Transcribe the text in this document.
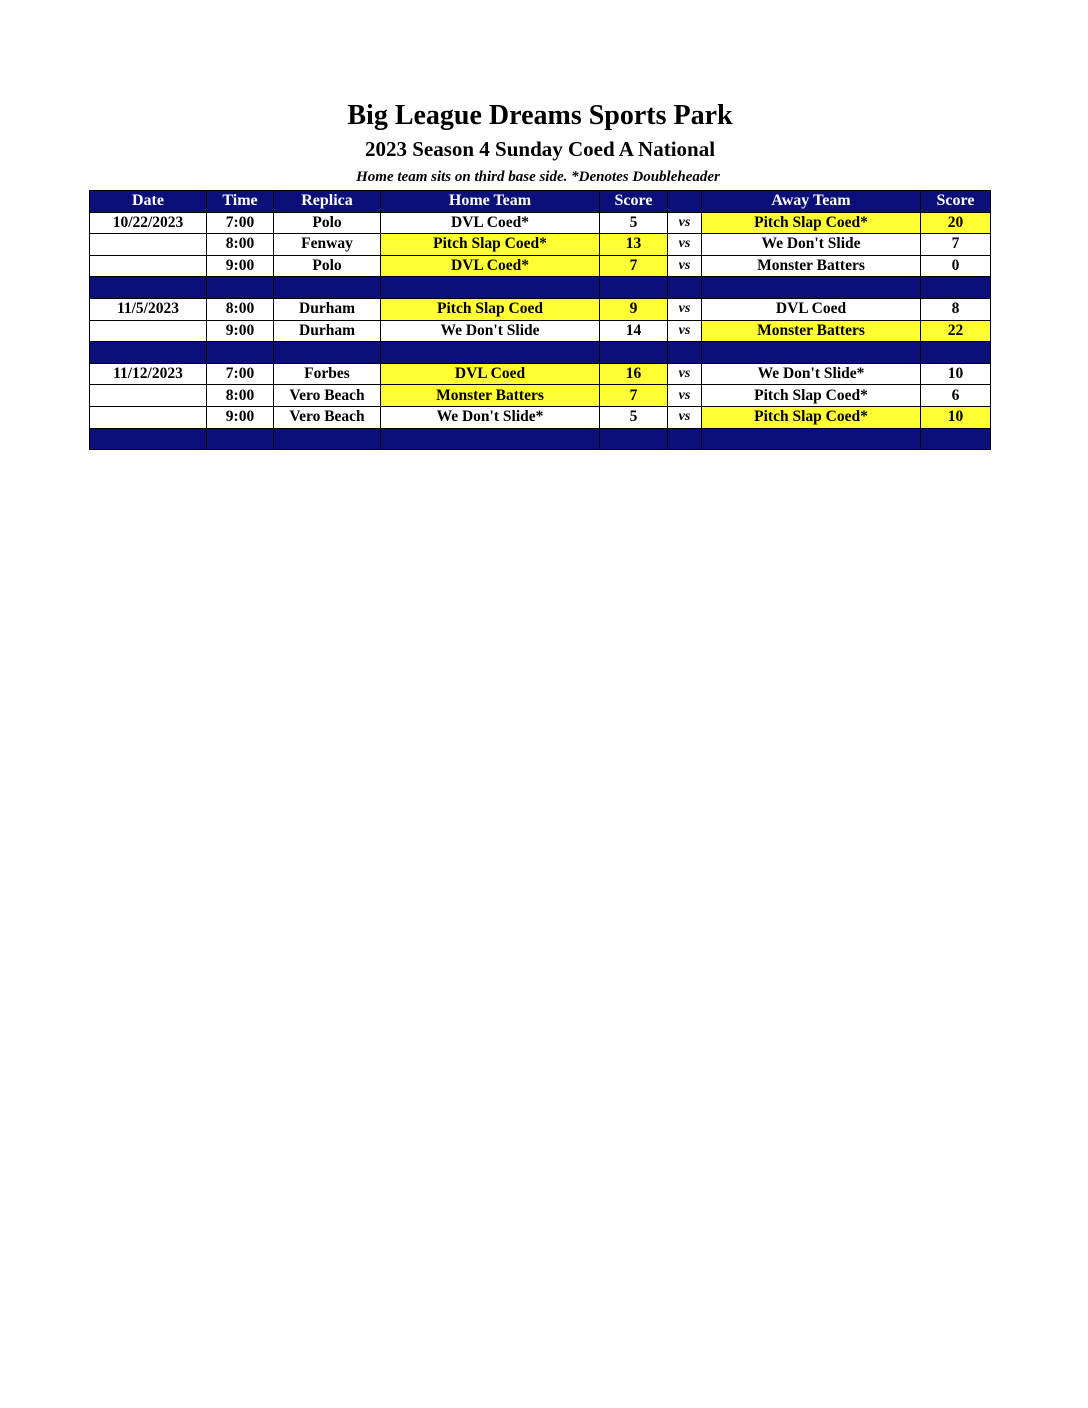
Big League Dreams Sports Park
2023 Season 4 Sunday Coed A National
Home team sits on third base side. *Denotes Doubleheader
Date	Time	Replica	Home Team	Score		Away Team	Score
10/22/2023	7:00	Polo	DVL Coed*	5	vs	Pitch Slap Coed*	20
	8:00	Fenway	Pitch Slap Coed*	13	vs	We Don't Slide	7
	9:00	Polo	DVL Coed*	7	vs	Monster Batters	0

11/5/2023	8:00	Durham	Pitch Slap Coed	9	vs	DVL Coed	8
	9:00	Durham	We Don't Slide	14	vs	Monster Batters	22

11/12/2023	7:00	Forbes	DVL Coed	16	vs	We Don't Slide*	10
	8:00	Vero Beach	Monster Batters	7	vs	Pitch Slap Coed*	6
	9:00	Vero Beach	We Don't Slide*	5	vs	Pitch Slap Coed*	10
